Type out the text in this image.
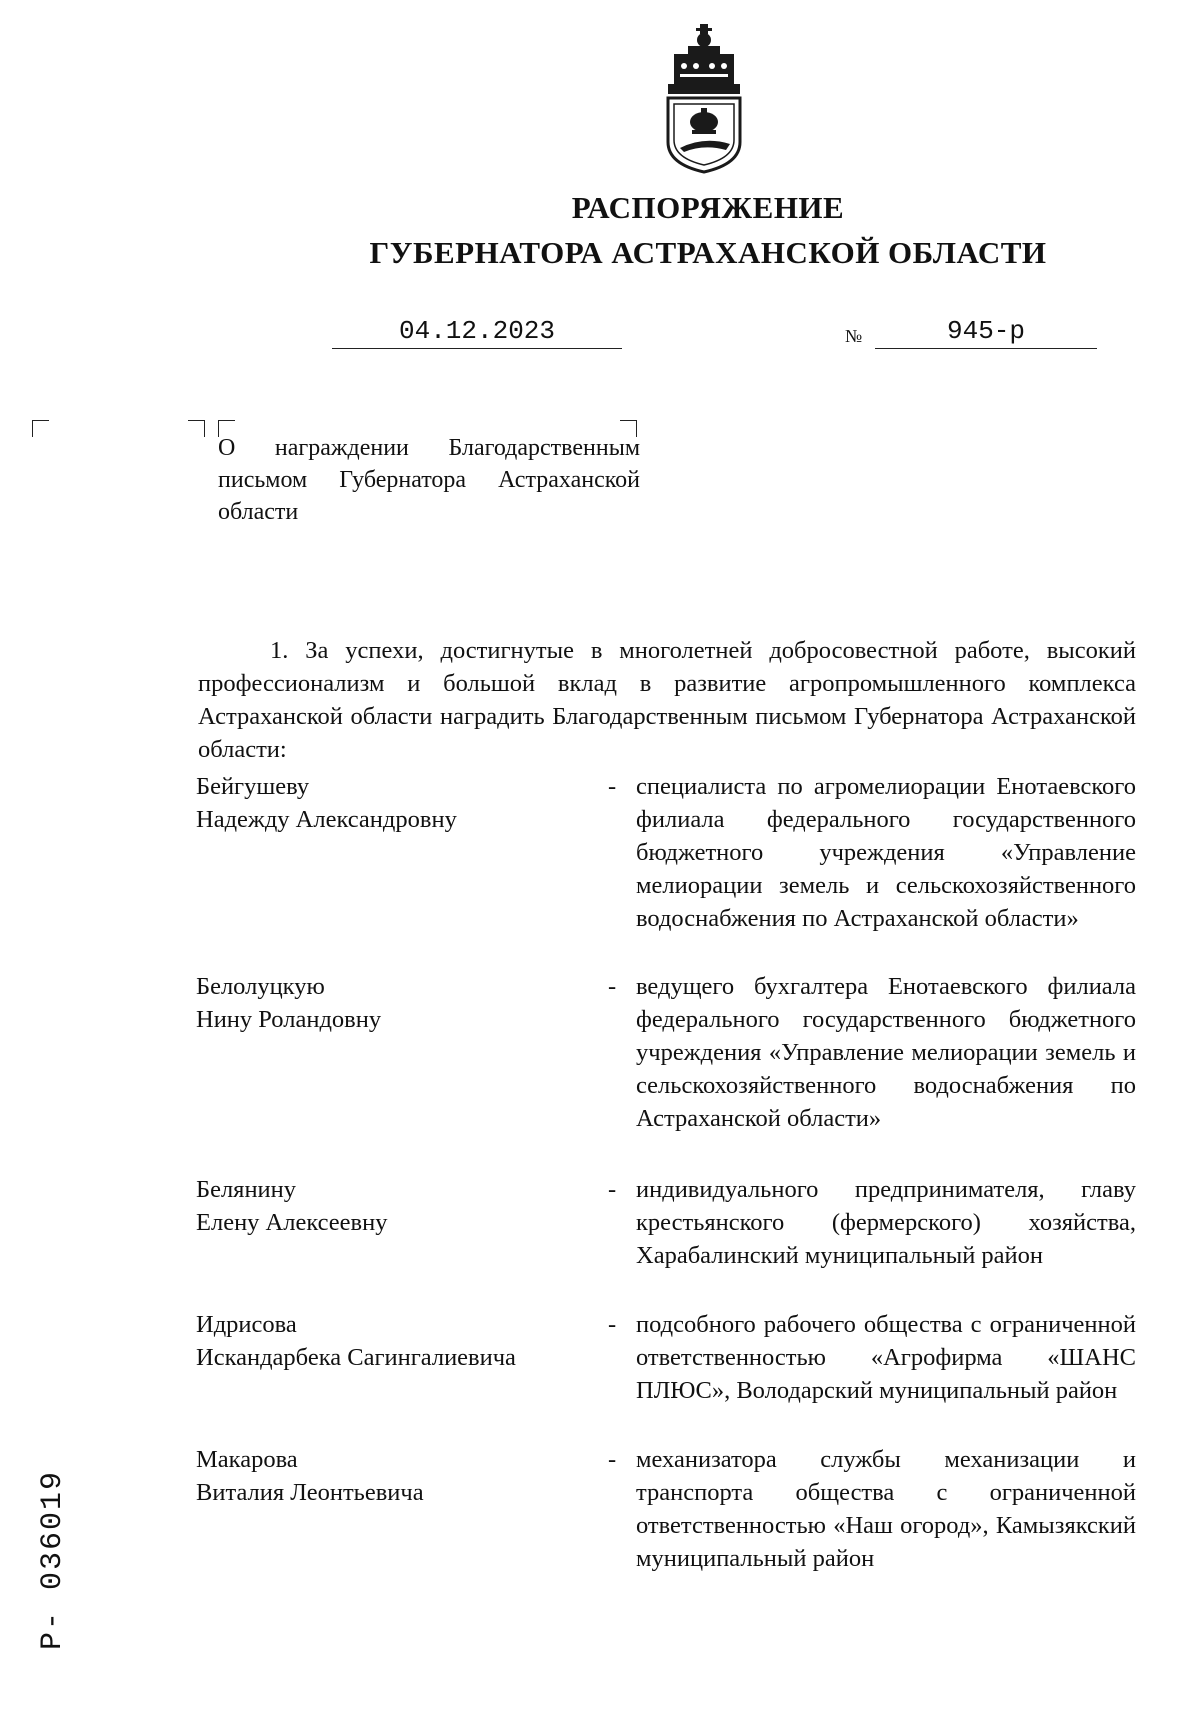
РАСПОРЯЖЕНИЕ
ГУБЕРНАТОРА АСТРАХАНСКОЙ ОБЛАСТИ
04.12.2023	№	945-р

О награждении Благодарственным письмом Губернатора Астраханской области

1. За успехи, достигнутые в многолетней добросовестной работе, высокий профессионализм и большой вклад в развитие агропромышленного комплекса Астраханской области наградить Благодарственным письмом Губернатора Астраханской области:

Бейгушеву
Надежду Александровну
- специалиста по агромелиорации Енотаевского филиала федерального государственного бюджетного учреждения «Управление мелиорации земель и сельскохозяйственного водоснабжения по Астраханской области»
Белолуцкую
Нину Роландовну
- ведущего бухгалтера Енотаевского филиала федерального государственного бюджетного учреждения «Управление мелиорации земель и сельскохозяйственного водоснабжения по Астраханской области»
Белянину
Елену Алексеевну
- индивидуального предпринимателя, главу крестьянского (фермерского) хозяйства, Харабалинский муниципальный район
Идрисова
Искандарбека Сагингалиевича
- подсобного рабочего общества с ограниченной ответственностью «Агрофирма «ШАНС ПЛЮС», Володарский муниципальный район
Макарова
Виталия Леонтьевича
- механизатора службы механизации и транспорта общества с ограниченной ответственностью «Наш огород», Камызякский муниципальный район
Р- 036019
